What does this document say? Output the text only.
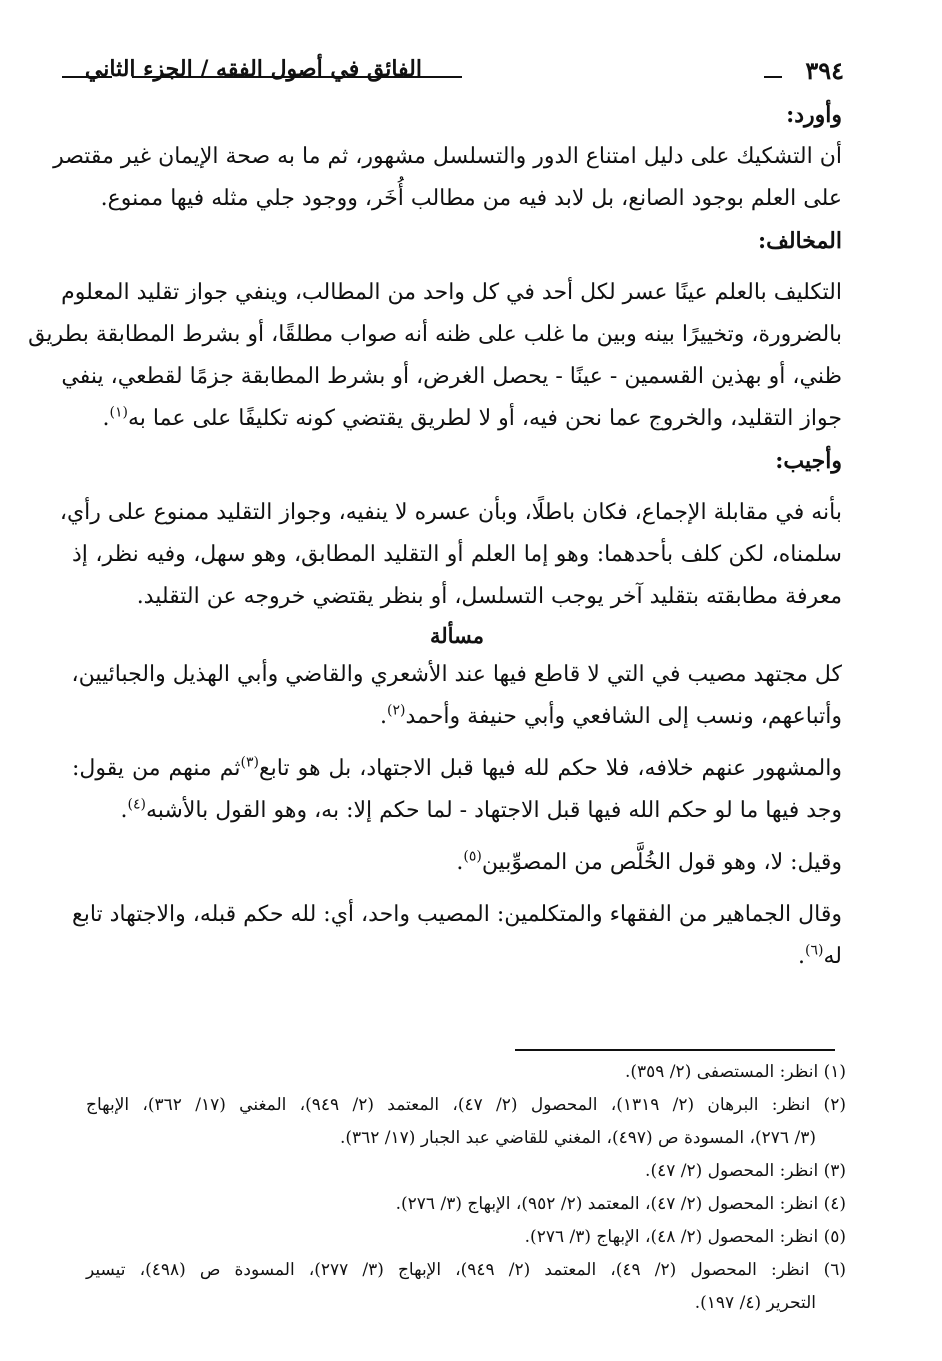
٣٩٤
الفائق في أصول الفقه / الجزء الثاني
وأورد:
أن التشكيك على دليل امتناع الدور والتسلسل مشهور، ثم ما به صحة الإيمان غير مقتصر
على العلم بوجود الصانع، بل لابد فيه من مطالب أُخَر، ووجود جلي مثله فيها ممنوع.
المخالف:
التكليف بالعلم عينًا عسر لكل أحد في كل واحد من المطالب، وينفي جواز تقليد المعلوم
بالضرورة، وتخييرًا بينه وبين ما غلب على ظنه أنه صواب مطلقًا، أو بشرط المطابقة بطريق
ظني، أو بهذين القسمين - عينًا - يحصل الغرض، أو بشرط المطابقة جزمًا لقطعي، ينفي
جواز التقليد، والخروج عما نحن فيه، أو لا لطريق يقتضي كونه تكليفًا على عما به$^{(١)}$.
وأجيب:
بأنه في مقابلة الإجماع، فكان باطلًا، وبأن عسره لا ينفيه، وجواز التقليد ممنوع على رأي،
سلمناه، لكن كلف بأحدهما: وهو إما العلم أو التقليد المطابق، وهو سهل، وفيه نظر، إذ
معرفة مطابقته بتقليد آخر يوجب التسلسل، أو بنظر يقتضي خروجه عن التقليد.
مسألة
كل مجتهد مصيب في التي لا قاطع فيها عند الأشعري والقاضي وأبي الهذيل والجبائيين،
وأتباعهم، ونسب إلى الشافعي وأبي حنيفة وأحمد$^{(٢)}$.
والمشهور عنهم خلافه، فلا حكم لله فيها قبل الاجتهاد، بل هو تابع$^{(٣)}$ثم منهم من يقول:
وجد فيها ما لو حكم الله فيها قبل الاجتهاد - لما حكم إلا: به، وهو القول بالأشبه$^{(٤)}$.
وقيل: لا، وهو قول الخُلَّص من المصوِّبين$^{(٥)}$.
وقال الجماهير من الفقهاء والمتكلمين: المصيب واحد، أي: لله حكم قبله، والاجتهاد تابع
له$^{(٦)}$.
(١) انظر: المستصفى (٢/ ٣٥٩).
(٢) انظر: البرهان (٢/ ١٣١٩)، المحصول (٢/ ٤٧)، المعتمد (٢/ ٩٤٩)، المغني (١٧/ ٣٦٢)، الإبهاج
(٣/ ٢٧٦)، المسودة ص (٤٩٧)، المغني للقاضي عبد الجبار (١٧/ ٣٦٢).
(٣) انظر: المحصول (٢/ ٤٧).
(٤) انظر: المحصول (٢/ ٤٧)، المعتمد (٢/ ٩٥٢)، الإبهاج (٣/ ٢٧٦).
(٥) انظر: المحصول (٢/ ٤٨)، الإبهاج (٣/ ٢٧٦).
(٦) انظر: المحصول (٢/ ٤٩)، المعتمد (٢/ ٩٤٩)، الإبهاج (٣/ ٢٧٧)، المسودة ص (٤٩٨)، تيسير
التحرير (٤/ ١٩٧).
